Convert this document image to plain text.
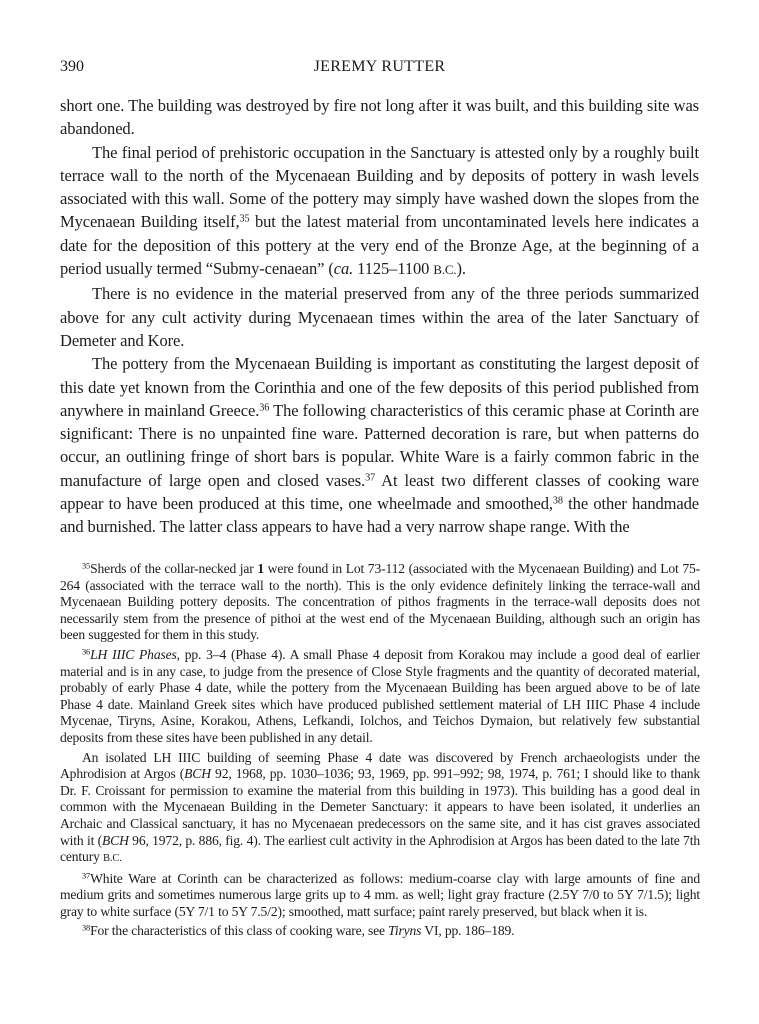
390	JEREMY RUTTER

short one. The building was destroyed by fire not long after it was built, and this building site was abandoned.

The final period of prehistoric occupation in the Sanctuary is attested only by a roughly built terrace wall to the north of the Mycenaean Building and by deposits of pottery in wash levels associated with this wall. Some of the pottery may simply have washed down the slopes from the Mycenaean Building itself,$^{35}$ but the latest material from uncontaminated levels here indicates a date for the deposition of this pottery at the very end of the Bronze Age, at the beginning of a period usually termed “Submy-cenaean” (ca. 1125–1100 B.C.).

There is no evidence in the material preserved from any of the three periods summarized above for any cult activity during Mycenaean times within the area of the later Sanctuary of Demeter and Kore.

The pottery from the Mycenaean Building is important as constituting the largest deposit of this date yet known from the Corinthia and one of the few deposits of this period published from anywhere in mainland Greece.$^{36}$ The following characteristics of this ceramic phase at Corinth are significant: There is no unpainted fine ware. Patterned decoration is rare, but when patterns do occur, an outlining fringe of short bars is popular. White Ware is a fairly common fabric in the manufacture of large open and closed vases.$^{37}$ At least two different classes of cooking ware appear to have been produced at this time, one wheelmade and smoothed,$^{38}$ the other handmade and burnished. The latter class appears to have had a very narrow shape range. With the

$^{35}$Sherds of the collar-necked jar 1 were found in Lot 73-112 (associated with the Mycenaean Building) and Lot 75-264 (associated with the terrace wall to the north). This is the only evidence definitely linking the terrace-wall and Mycenaean Building pottery deposits. The concentration of pithos fragments in the terrace-wall deposits does not necessarily stem from the presence of pithoi at the west end of the Mycenaean Building, although such an origin has been suggested for them in this study.

$^{36}$LH IIIC Phases, pp. 3–4 (Phase 4). A small Phase 4 deposit from Korakou may include a good deal of earlier material and is in any case, to judge from the presence of Close Style fragments and the quantity of decorated material, probably of early Phase 4 date, while the pottery from the Mycenaean Building has been argued above to be of late Phase 4 date. Mainland Greek sites which have produced published settlement material of LH IIIC Phase 4 include Mycenae, Tiryns, Asine, Korakou, Athens, Lefkandi, Iolchos, and Teichos Dymaion, but relatively few substantial deposits from these sites have been published in any detail.

An isolated LH IIIC building of seeming Phase 4 date was discovered by French archaeologists under the Aphrodision at Argos (BCH 92, 1968, pp. 1030–1036; 93, 1969, pp. 991–992; 98, 1974, p. 761; I should like to thank Dr. F. Croissant for permission to examine the material from this building in 1973). This building has a good deal in common with the Mycenaean Building in the Demeter Sanctuary: it appears to have been isolated, it underlies an Archaic and Classical sanctuary, it has no Mycenaean predecessors on the same site, and it has cist graves associated with it (BCH 96, 1972, p. 886, fig. 4). The earliest cult activity in the Aphrodision at Argos has been dated to the late 7th century B.C.

$^{37}$White Ware at Corinth can be characterized as follows: medium-coarse clay with large amounts of fine and medium grits and sometimes numerous large grits up to 4 mm. as well; light gray fracture (2.5Y 7/0 to 5Y 7/1.5); light gray to white surface (5Y 7/1 to 5Y 7.5/2); smoothed, matt surface; paint rarely preserved, but black when it is.

$^{38}$For the characteristics of this class of cooking ware, see Tiryns VI, pp. 186–189.
